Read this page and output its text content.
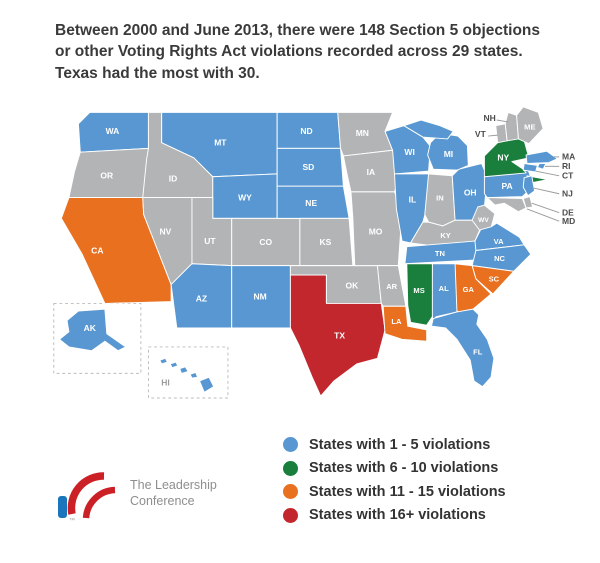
Between 2000 and June 2013, there were 148 Section 5 objections or other Voting Rights Act violations recorded across 29 states. Texas had the most with 30.
WA
OR
CA
ID
MT
WY
NV
UT	CO
AZ	NM
ND
SD
NE
KS
OK
TX
MN
IA
MO
AR
LA
WI
IL IN
OH
MI
KY
TN
WV
VA
NC
SC
GA
AL
MS
FL
PA
NY
VT
NH
ME
MA
RI
CT
NJ
DE
MD
AK
HI
States with 1 - 5 violations
States with 6 - 10 violations
States with 11 - 15 violations
States with 16+ violations
™
The Leadership
Conference
